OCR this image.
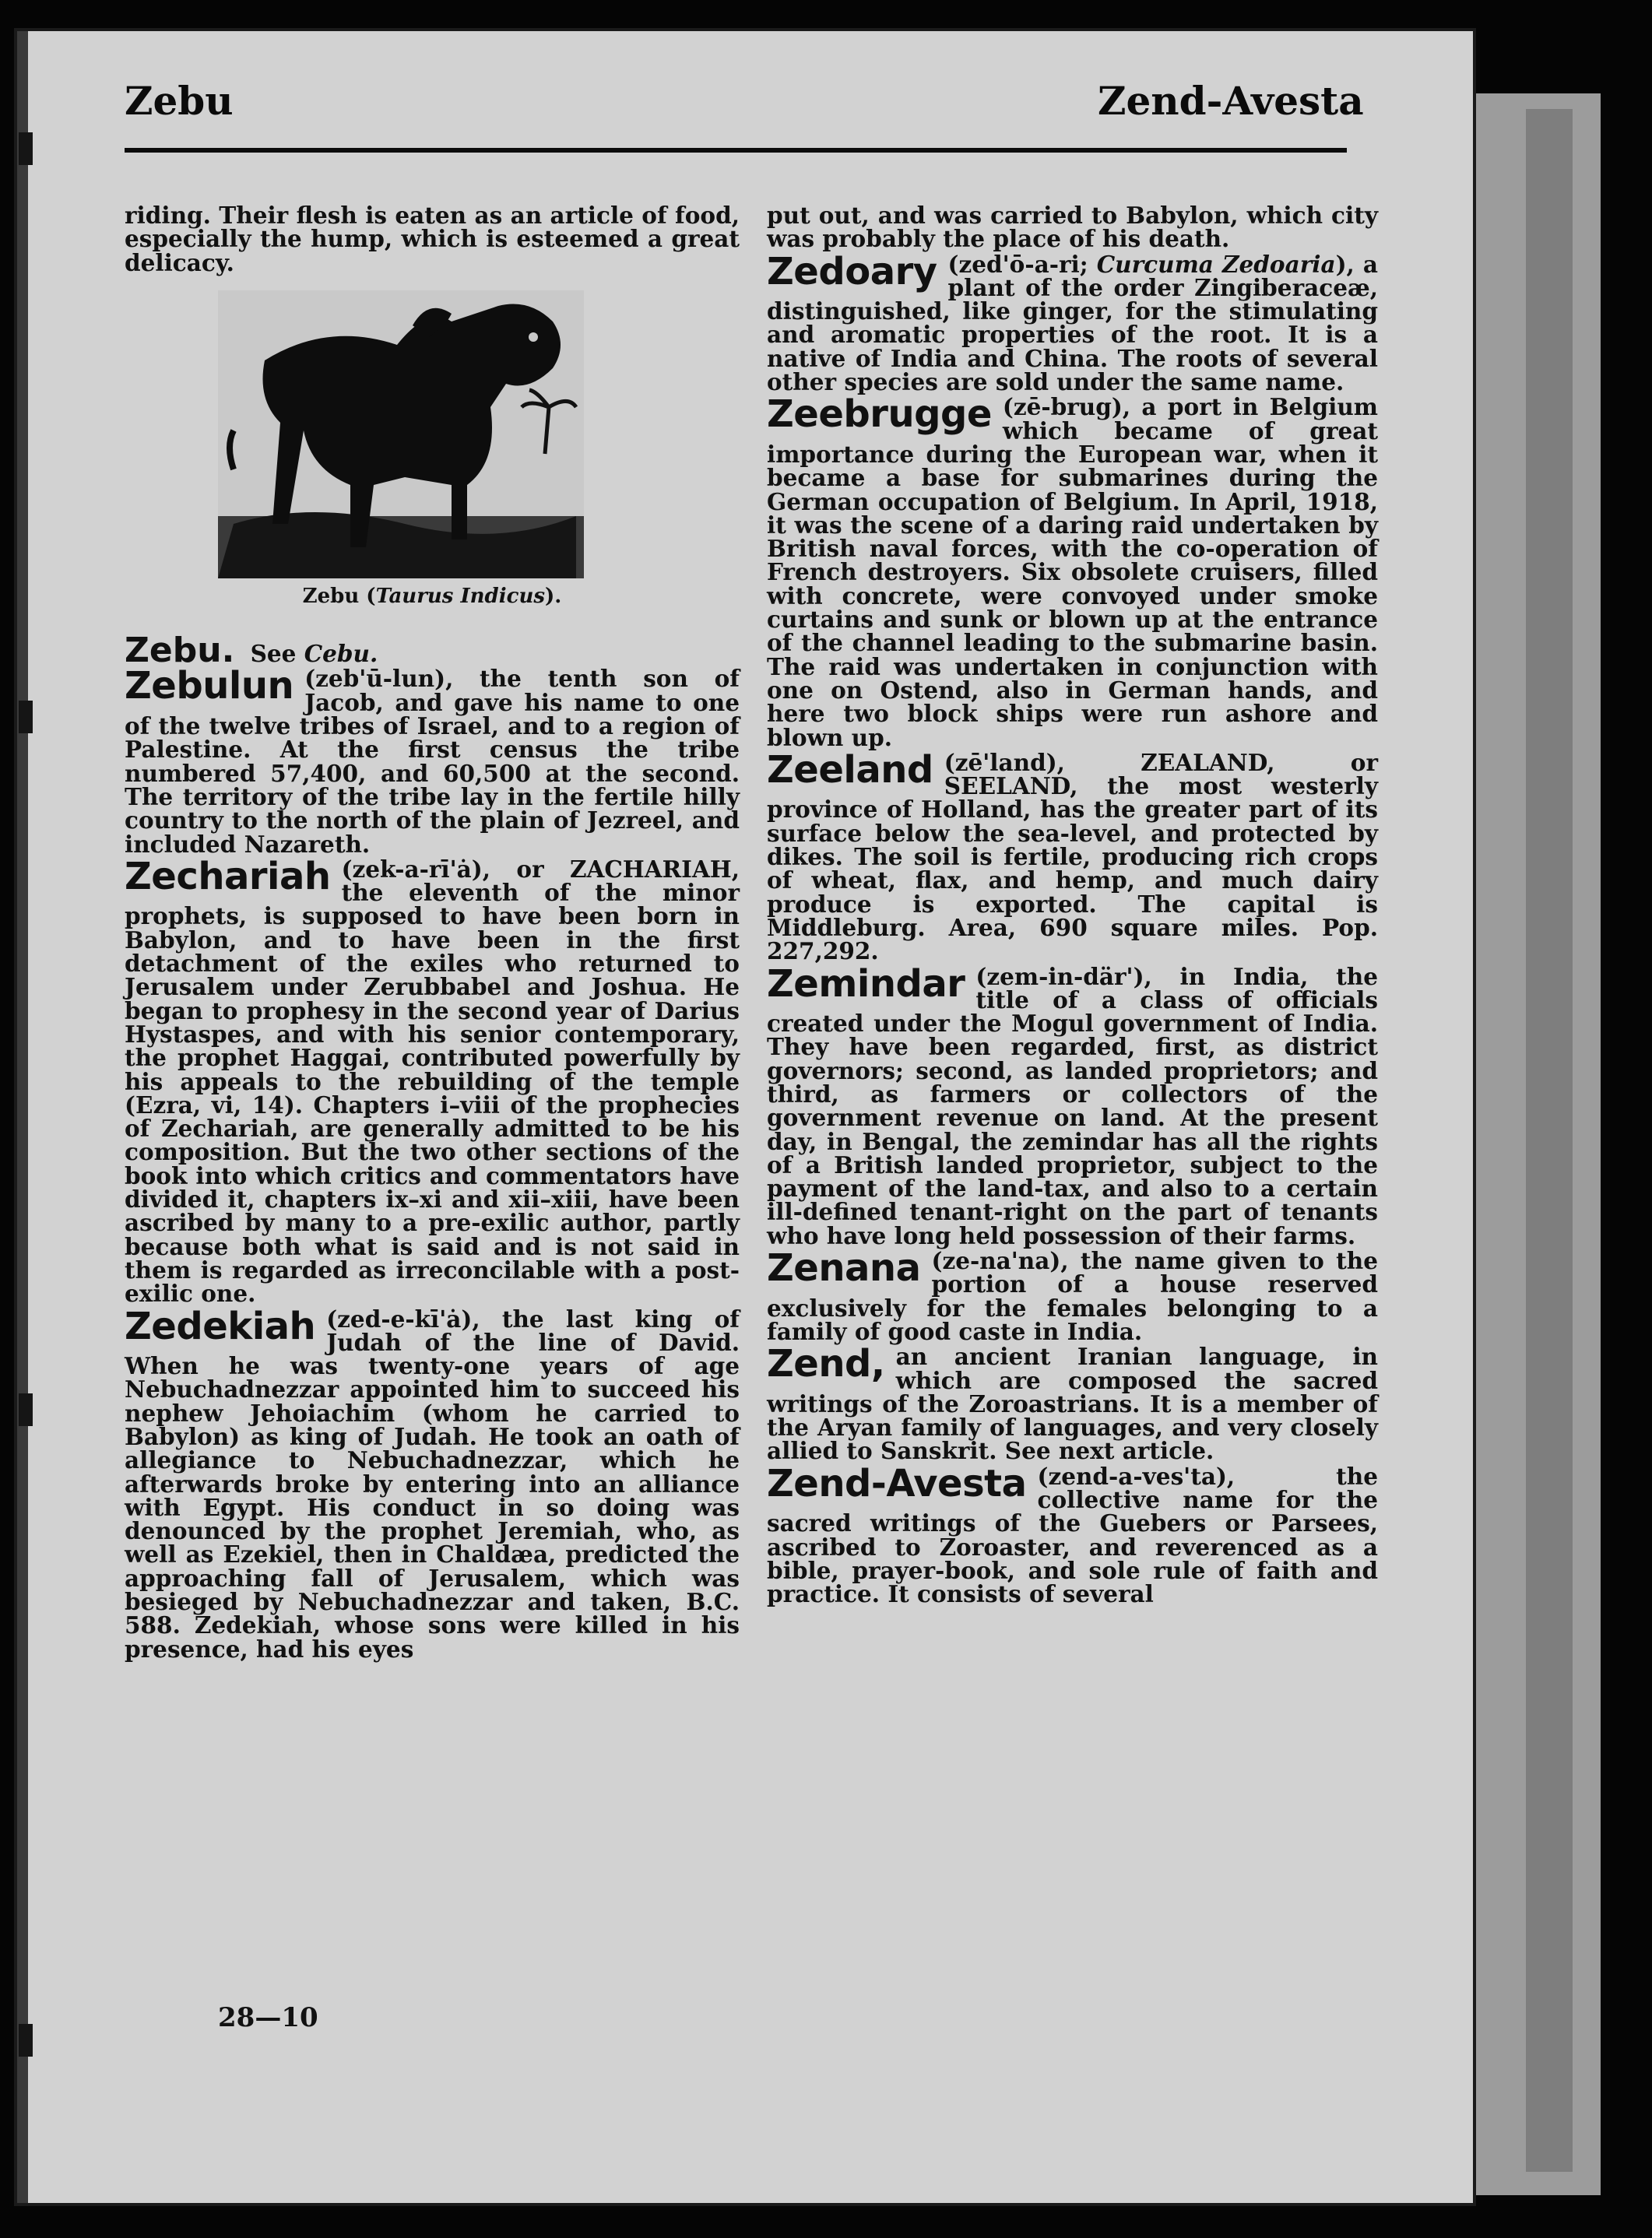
Zebu	Zend-Avesta

riding. Their flesh is eaten as an article of food, especially the hump, which is esteemed a great delicacy.

Zebu (Taurus Indicus).

Zebu. See Cebu.

Zebulun (zeb'ū-lun), the tenth son of Jacob, and gave his name to one of the twelve tribes of Israel, and to a region of Palestine. At the first census the tribe numbered 57,400, and 60,500 at the second. The territory of the tribe lay in the fertile hilly country to the north of the plain of Jezreel, and included Nazareth.

Zechariah (zek-a-rī'ȧ), or ZACHARIAH, the eleventh of the minor prophets, is supposed to have been born in Babylon, and to have been in the first detachment of the exiles who returned to Jerusalem under Zerubbabel and Joshua. He began to prophesy in the second year of Darius Hystaspes, and with his senior contemporary, the prophet Haggai, contributed powerfully by his appeals to the rebuilding of the temple (Ezra, vi, 14). Chapters i–viii of the prophecies of Zechariah, are generally admitted to be his composition. But the two other sections of the book into which critics and commentators have divided it, chapters ix–xi and xii–xiii, have been ascribed by many to a pre-exilic author, partly because both what is said and is not said in them is regarded as irreconcilable with a post-exilic one.

Zedekiah (zed-e-kī'ȧ), the last king of Judah of the line of David. When he was twenty-one years of age Nebuchadnezzar appointed him to succeed his nephew Jehoiachim (whom he carried to Babylon) as king of Judah. He took an oath of allegiance to Nebuchadnezzar, which he afterwards broke by entering into an alliance with Egypt. His conduct in so doing was denounced by the prophet Jeremiah, who, as well as Ezekiel, then in Chaldæa, predicted the approaching fall of Jerusalem, which was besieged by Nebuchadnezzar and taken, B.C. 588. Zedekiah, whose sons were killed in his presence, had his eyes

put out, and was carried to Babylon, which city was probably the place of his death.

Zedoary (zed'ō-a-ri; Curcuma Zedoaria), a plant of the order Zingiberaceæ, distinguished, like ginger, for the stimulating and aromatic properties of the root. It is a native of India and China. The roots of several other species are sold under the same name.

Zeebrugge (zē-brug), a port in Belgium which became of great importance during the European war, when it became a base for submarines during the German occupation of Belgium. In April, 1918, it was the scene of a daring raid undertaken by British naval forces, with the co-operation of French destroyers. Six obsolete cruisers, filled with concrete, were convoyed under smoke curtains and sunk or blown up at the entrance of the channel leading to the submarine basin. The raid was undertaken in conjunction with one on Ostend, also in German hands, and here two block ships were run ashore and blown up.

Zeeland (zē'land), ZEALAND, or SEELAND, the most westerly province of Holland, has the greater part of its surface below the sea-level, and protected by dikes. The soil is fertile, producing rich crops of wheat, flax, and hemp, and much dairy produce is exported. The capital is Middleburg. Area, 690 square miles. Pop. 227,292.

Zemindar (zem-in-där'), in India, the title of a class of officials created under the Mogul government of India. They have been regarded, first, as district governors; second, as landed proprietors; and third, as farmers or collectors of the government revenue on land. At the present day, in Bengal, the zemindar has all the rights of a British landed proprietor, subject to the payment of the land-tax, and also to a certain ill-defined tenant-right on the part of tenants who have long held possession of their farms.

Zenana (ze-na'na), the name given to the portion of a house reserved exclusively for the females belonging to a family of good caste in India.

Zend, an ancient Iranian language, in which are composed the sacred writings of the Zoroastrians. It is a member of the Aryan family of languages, and very closely allied to Sanskrit. See next article.

Zend-Avesta (zend-a-ves'ta), the collective name for the sacred writings of the Guebers or Parsees, ascribed to Zoroaster, and reverenced as a bible, prayer-book, and sole rule of faith and practice. It consists of several

28—10
